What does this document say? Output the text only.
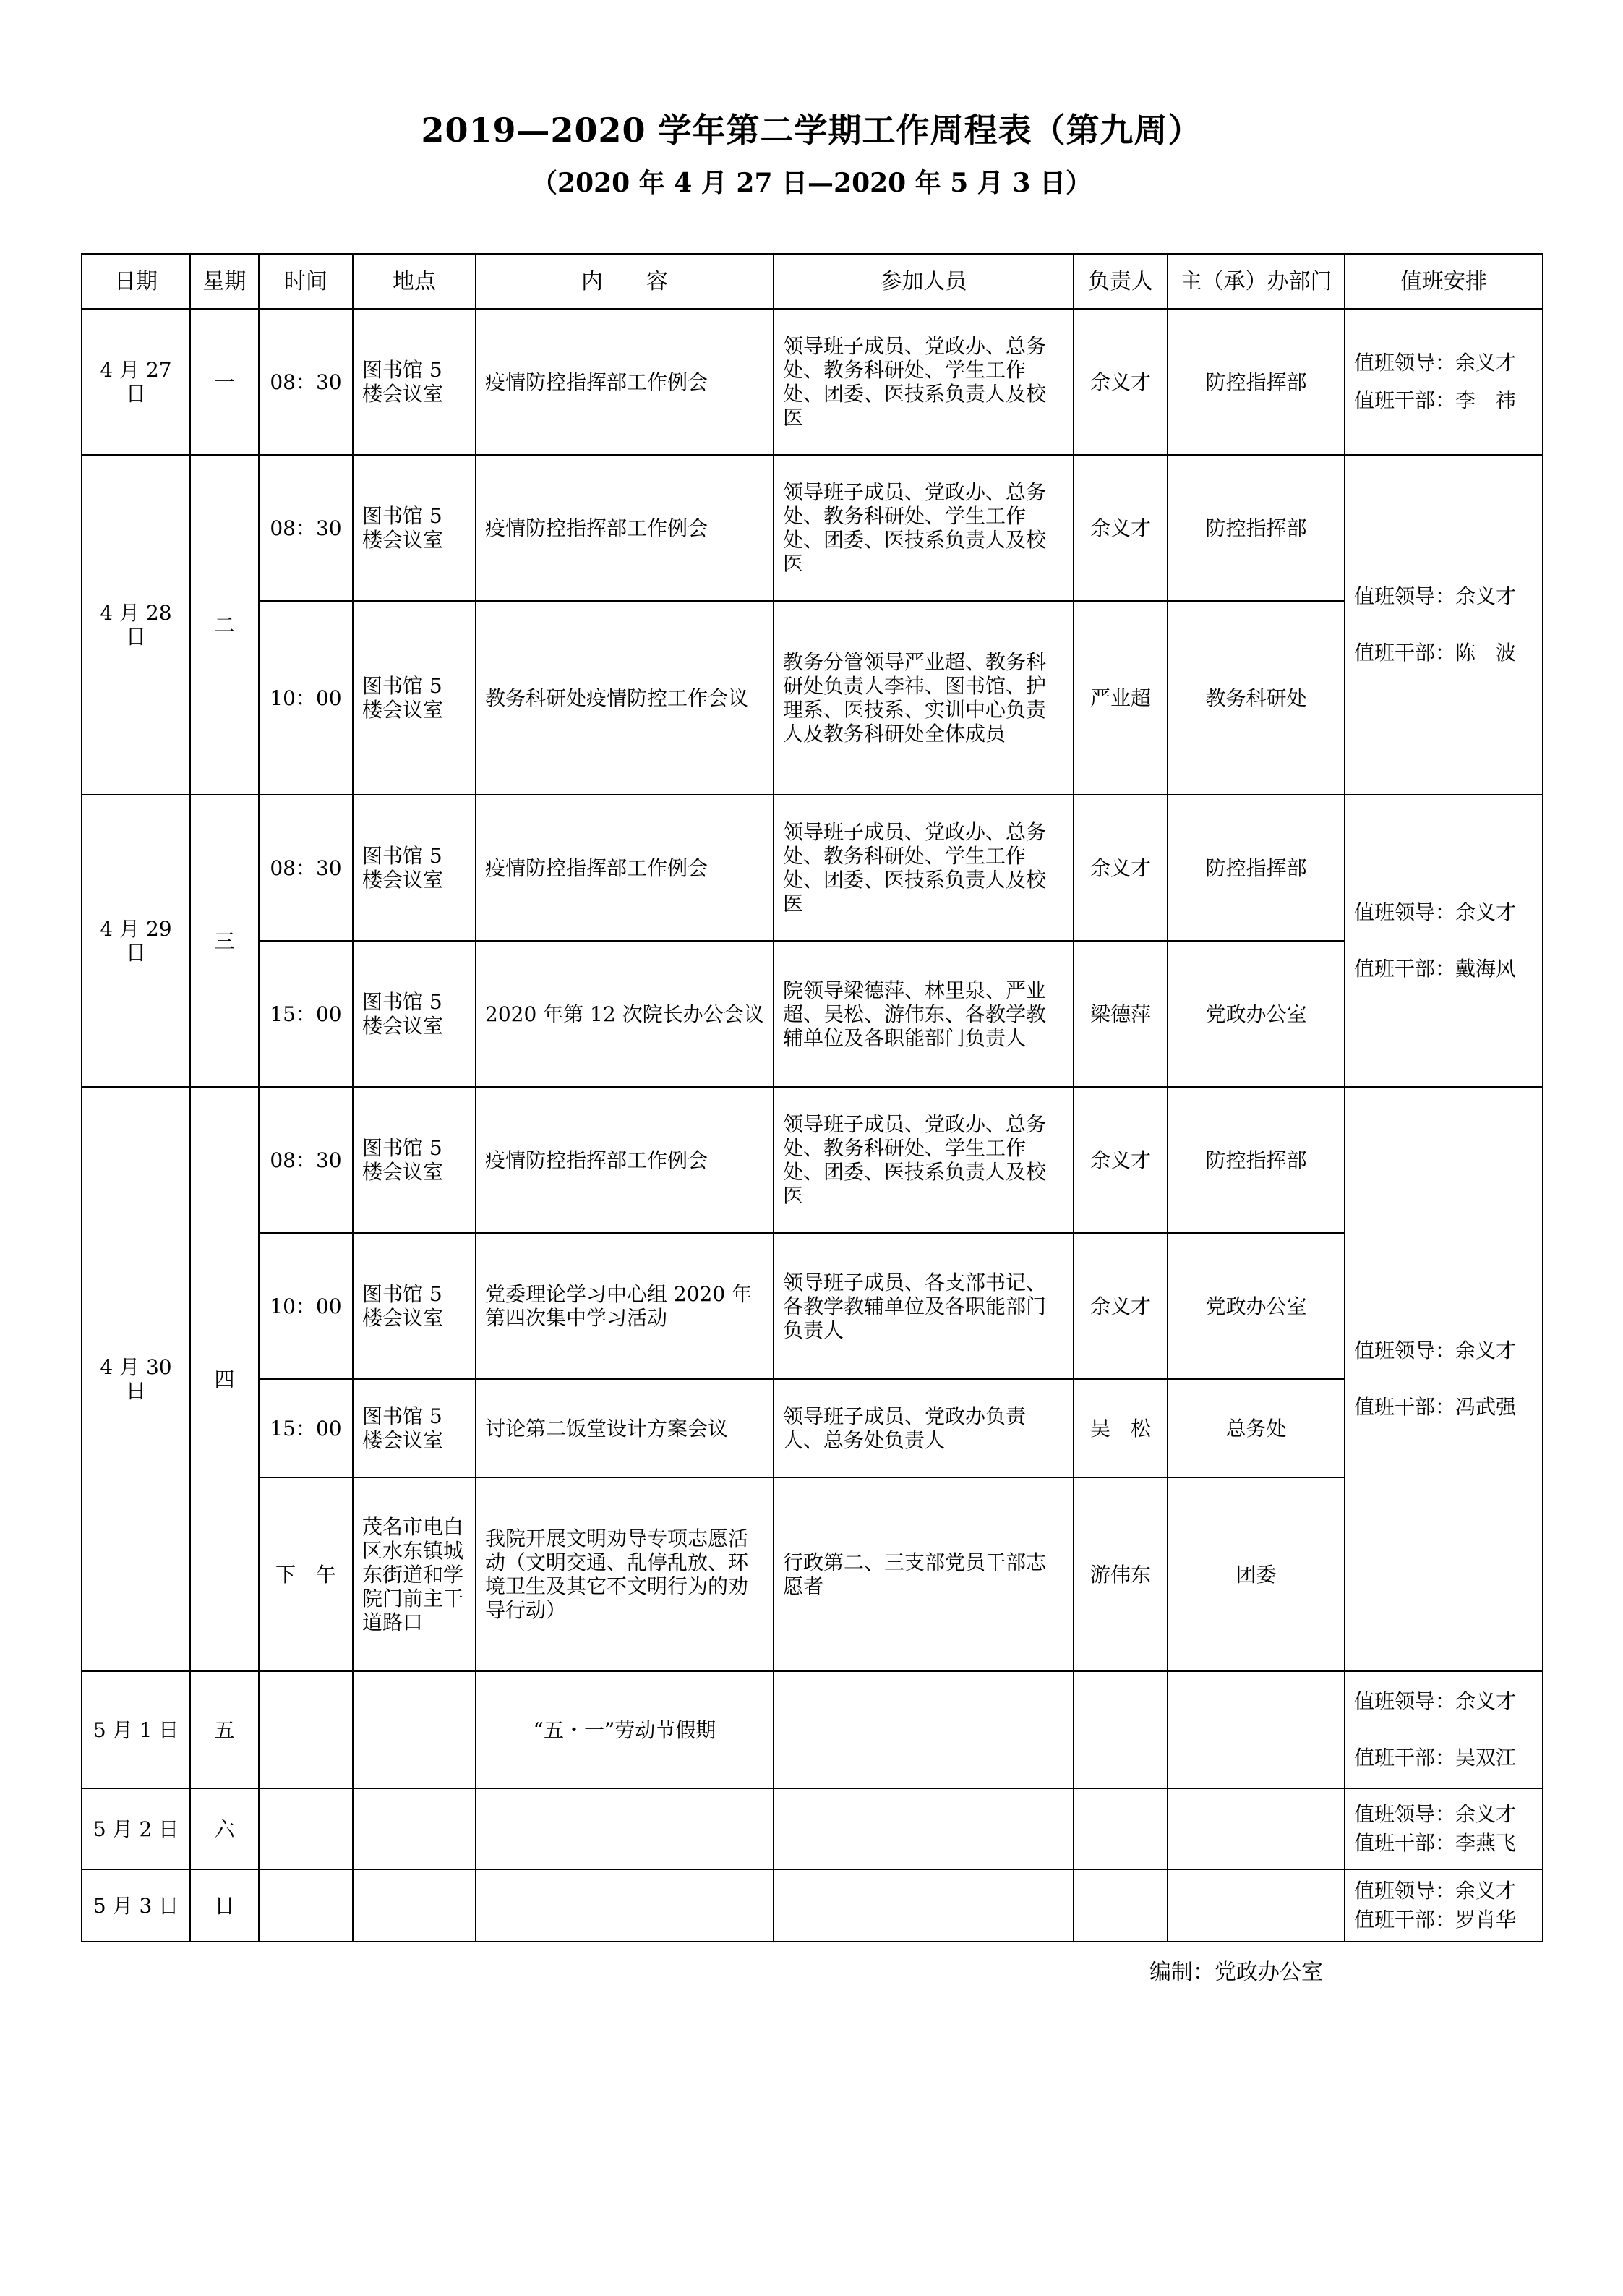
2019—2020 学年第二学期工作周程表（第九周）
（2020 年 4 月 27 日—2020 年 5 月 3 日）
日期	星期	时间	地点	内　　容	参加人员	负责人	主（承）办部门	值班安排
4 月 27 日	一	08：30	图书馆 5 楼会议室	疫情防控指挥部工作例会	领导班子成员、党政办、总务处、教务科研处、学生工作处、团委、医技系负责人及校医	余义才	防控指挥部	值班领导：余义才
值班干部：李　祎

4 月 28 日	二	08：30	图书馆 5 楼会议室	疫情防控指挥部工作例会	领导班子成员、党政办、总务处、教务科研处、学生工作处、团委、医技系负责人及校医	余义才	防控指挥部	值班领导：余义才
值班干部：陈　波

		10：00	图书馆 5 楼会议室	教务科研处疫情防控工作会议	教务分管领导严业超、教务科研处负责人李祎、图书馆、护理系、医技系、实训中心负责人及教务科研处全体成员	严业超	教务科研处	
4 月 29 日	三	08：30	图书馆 5 楼会议室	疫情防控指挥部工作例会	领导班子成员、党政办、总务处、教务科研处、学生工作处、团委、医技系负责人及校医	余义才	防控指挥部	值班领导：余义才
值班干部：戴海风

		15：00	图书馆 5 楼会议室	2020 年第 12 次院长办公会议	院领导梁德萍、林里泉、严业超、吴松、游伟东、各教学教辅单位及各职能部门负责人	梁德萍	党政办公室	
4 月 30 日	四	08：30	图书馆 5 楼会议室	疫情防控指挥部工作例会	领导班子成员、党政办、总务处、教务科研处、学生工作处、团委、医技系负责人及校医	余义才	防控指挥部	值班领导：余义才
值班干部：冯武强

		10：00	图书馆 5 楼会议室	党委理论学习中心组 2020 年第四次集中学习活动	领导班子成员、各支部书记、各教学教辅单位及各职能部门负责人	余义才	党政办公室	
		15：00	图书馆 5 楼会议室	讨论第二饭堂设计方案会议	领导班子成员、党政办负责人、总务处负责人	吴　松	总务处	
		下　午	茂名市电白区水东镇城东街道和学院门前主干道路口	我院开展文明劝导专项志愿活动（文明交通、乱停乱放、环境卫生及其它不文明行为的劝导行动）	行政第二、三支部党员干部志愿者	游伟东	团委	
5 月 1 日	五			“五・一”劳动节假期				值班领导：余义才
值班干部：吴双江

5 月 2 日	六							值班领导：余义才
值班干部：李燕飞

5 月 3 日	日							值班领导：余义才
值班干部：罗肖华
编制：党政办公室
